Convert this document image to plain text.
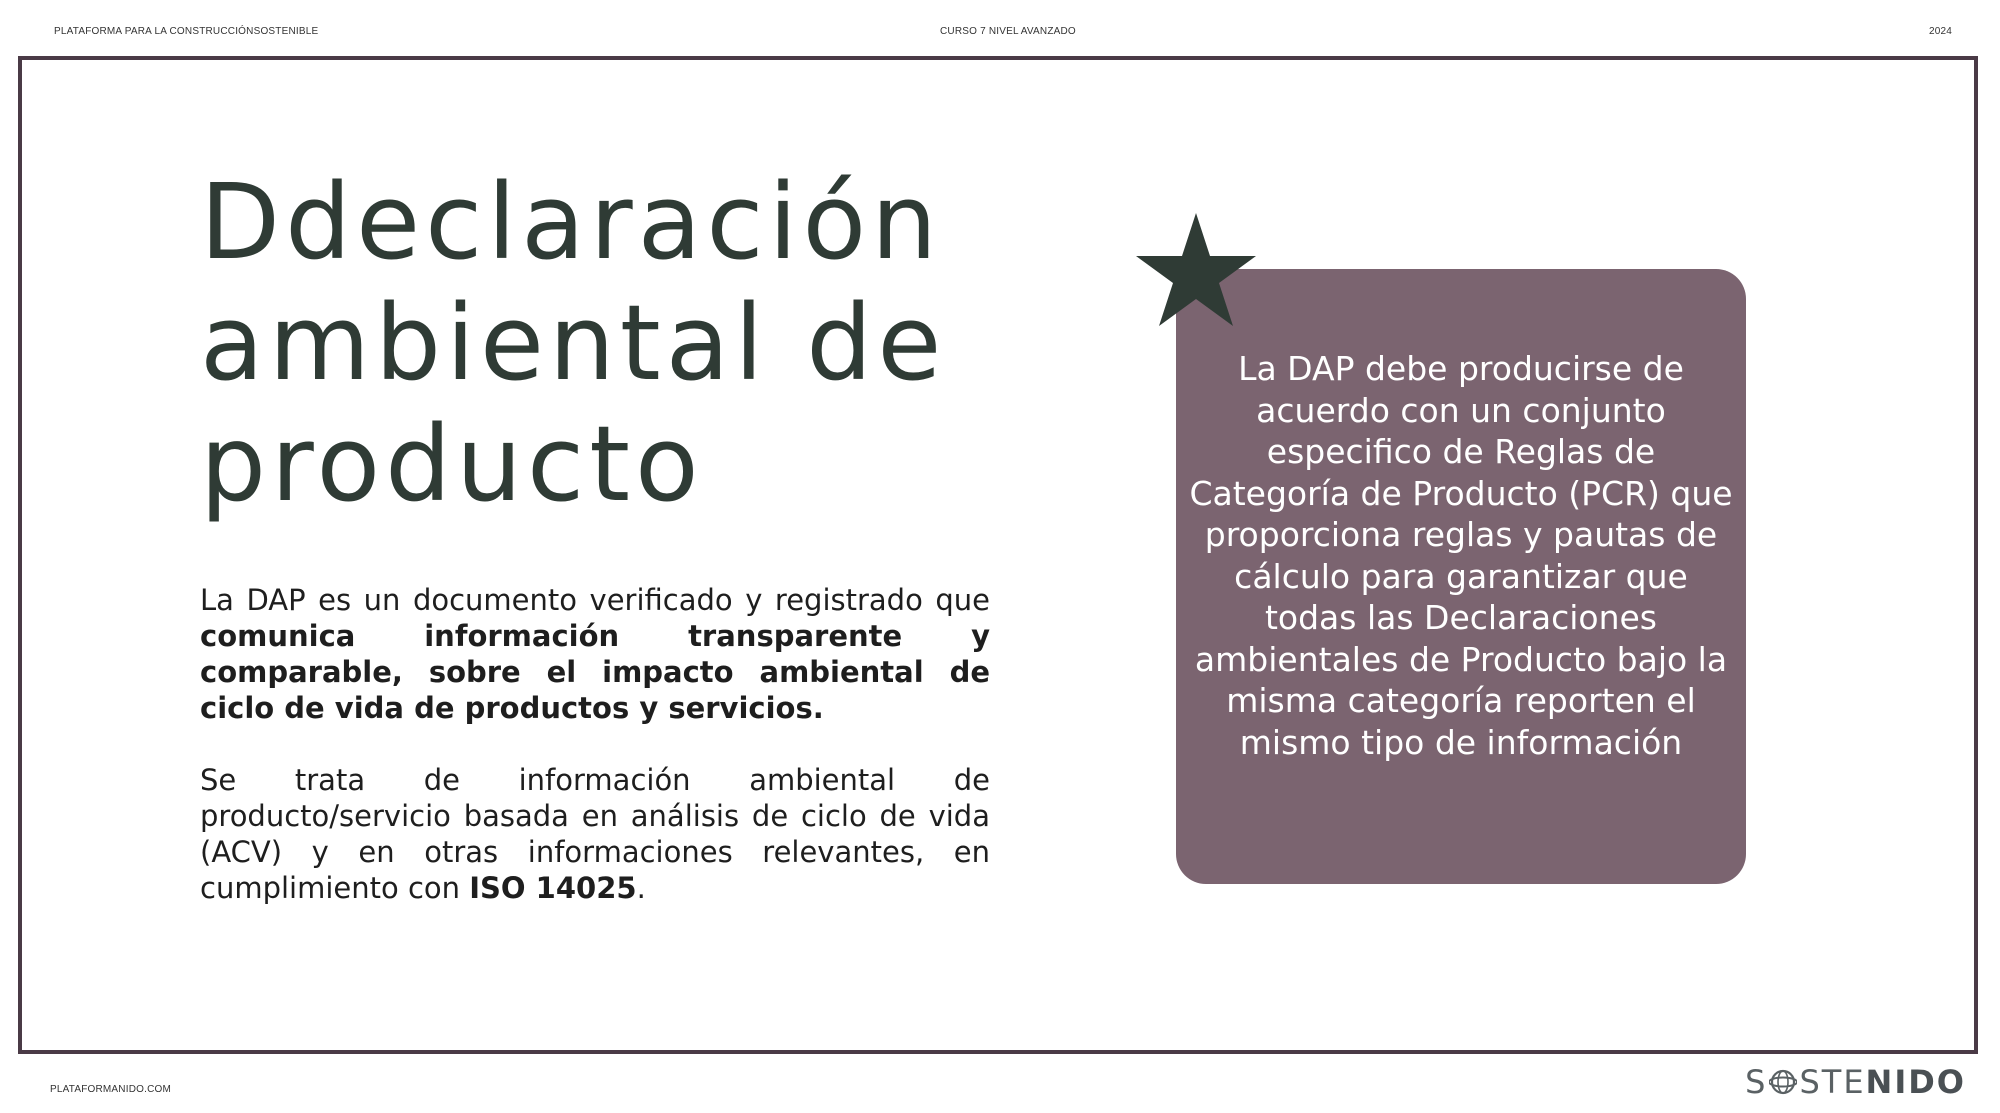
PLATAFORMA PARA LA CONSTRUCCIÓNSOSTENIBLE	CURSO 7 NIVEL AVANZADO	2024
Ddeclaración
ambiental de
producto

La DAP es un documento verificado y registrado que comunica información transparente y comparable, sobre el impacto ambiental de ciclo de vida de productos y servicios.

Se trata de información ambiental de producto/servicio basada en análisis de ciclo de vida (ACV) y en otras informaciones relevantes, en cumplimiento con ISO 14025.

La DAP debe producirse de acuerdo con un conjunto especifico de Reglas de Categoría de Producto (PCR) que proporciona reglas y pautas de cálculo para garantizar que todas las Declaraciones ambientales de Producto bajo la misma categoría reporten el mismo tipo de información

PLATAFORMANIDO.COM	S STE NIDO
